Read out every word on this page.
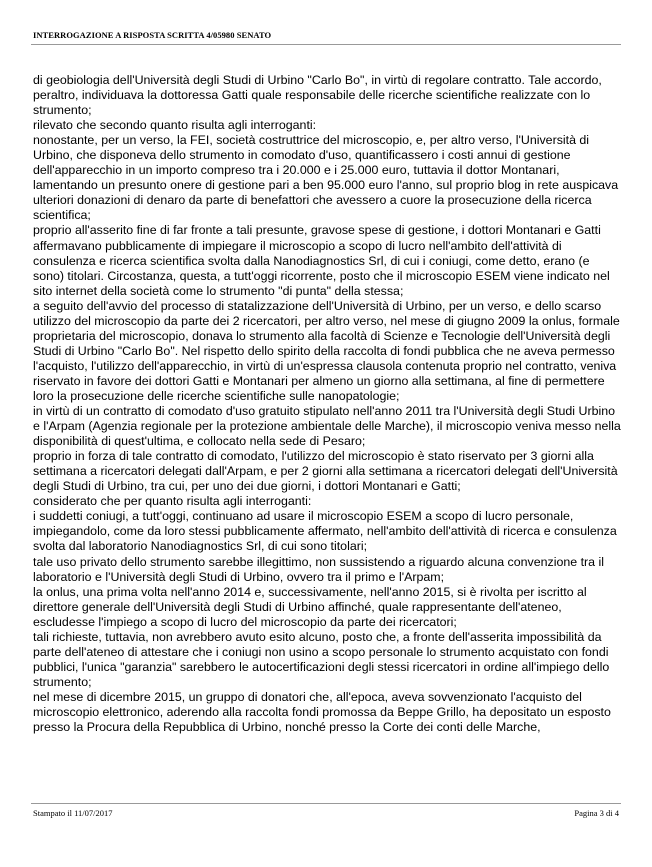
INTERROGAZIONE A RISPOSTA SCRITTA 4/05980 SENATO

di geobiologia dell'Università degli Studi di Urbino "Carlo Bo", in virtù di regolare contratto. Tale accordo, peraltro, individuava la dottoressa Gatti quale responsabile delle ricerche scientifiche realizzate con lo strumento;

rilevato che secondo quanto risulta agli interroganti:

nonostante, per un verso, la FEI, società costruttrice del microscopio, e, per altro verso, l'Università di Urbino, che disponeva dello strumento in comodato d'uso, quantificassero i costi annui di gestione dell'apparecchio in un importo compreso tra i 20.000 e i 25.000 euro, tuttavia il dottor Montanari, lamentando un presunto onere di gestione pari a ben 95.000 euro l'anno, sul proprio blog in rete auspicava ulteriori donazioni di denaro da parte di benefattori che avessero a cuore la prosecuzione della ricerca scientifica;

proprio all'asserito fine di far fronte a tali presunte, gravose spese di gestione, i dottori Montanari e Gatti affermavano pubblicamente di impiegare il microscopio a scopo di lucro nell'ambito dell'attività di consulenza e ricerca scientifica svolta dalla Nanodiagnostics Srl, di cui i coniugi, come detto, erano (e sono) titolari. Circostanza, questa, a tutt'oggi ricorrente, posto che il microscopio ESEM viene indicato nel sito internet della società come lo strumento "di punta" della stessa;

a seguito dell'avvio del processo di statalizzazione dell'Università di Urbino, per un verso, e dello scarso utilizzo del microscopio da parte dei 2 ricercatori, per altro verso, nel mese di giugno 2009 la onlus, formale proprietaria del microscopio, donava lo strumento alla facoltà di Scienze e Tecnologie dell'Università degli Studi di Urbino "Carlo Bo". Nel rispetto dello spirito della raccolta di fondi pubblica che ne aveva permesso l'acquisto, l'utilizzo dell'apparecchio, in virtù di un'espressa clausola contenuta proprio nel contratto, veniva riservato in favore dei dottori Gatti e Montanari per almeno un giorno alla settimana, al fine di permettere loro la prosecuzione delle ricerche scientifiche sulle nanopatologie;

in virtù di un contratto di comodato d'uso gratuito stipulato nell'anno 2011 tra l'Università degli Studi Urbino e l'Arpam (Agenzia regionale per la protezione ambientale delle Marche), il microscopio veniva messo nella disponibilità di quest'ultima, e collocato nella sede di Pesaro;

proprio in forza di tale contratto di comodato, l'utilizzo del microscopio è stato riservato per 3 giorni alla settimana a ricercatori delegati dall'Arpam, e per 2 giorni alla settimana a ricercatori delegati dell'Università degli Studi di Urbino, tra cui, per uno dei due giorni, i dottori Montanari e Gatti;

considerato che per quanto risulta agli interroganti:

i suddetti coniugi, a tutt'oggi, continuano ad usare il microscopio ESEM a scopo di lucro personale, impiegandolo, come da loro stessi pubblicamente affermato, nell'ambito dell'attività di ricerca e consulenza svolta dal laboratorio Nanodiagnostics Srl, di cui sono titolari;

tale uso privato dello strumento sarebbe illegittimo, non sussistendo a riguardo alcuna convenzione tra il laboratorio e l'Università degli Studi di Urbino, ovvero tra il primo e l'Arpam;

la onlus, una prima volta nell'anno 2014 e, successivamente, nell'anno 2015, si è rivolta per iscritto al direttore generale dell'Università degli Studi di Urbino affinché, quale rappresentante dell'ateneo, escludesse l'impiego a scopo di lucro del microscopio da parte dei ricercatori;

tali richieste, tuttavia, non avrebbero avuto esito alcuno, posto che, a fronte dell'asserita impossibilità da parte dell'ateneo di attestare che i coniugi non usino a scopo personale lo strumento acquistato con fondi pubblici, l'unica "garanzia" sarebbero le autocertificazioni degli stessi ricercatori in ordine all'impiego dello strumento;

nel mese di dicembre 2015, un gruppo di donatori che, all'epoca, aveva sovvenzionato l'acquisto del microscopio elettronico, aderendo alla raccolta fondi promossa da Beppe Grillo, ha depositato un esposto presso la Procura della Repubblica di Urbino, nonché presso la Corte dei conti delle Marche,

Stampato il 11/07/2017	Pagina 3 di 4
